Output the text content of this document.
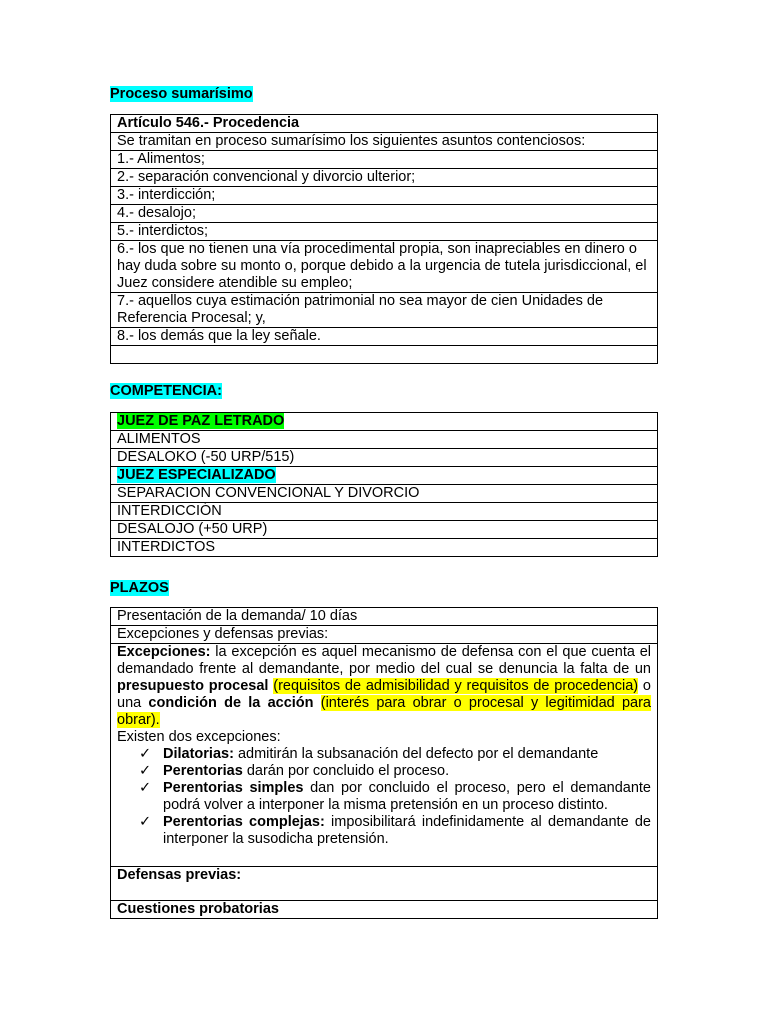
Proceso sumarísimo
Artículo 546.- Procedencia
Se tramitan en proceso sumarísimo los siguientes asuntos contenciosos:
1.- Alimentos;
2.- separación convencional y divorcio ulterior;
3.- interdicción;
4.- desalojo;
5.- interdictos;
6.- los que no tienen una vía procedimental propia, son inapreciables en dinero o hay duda sobre su monto o, porque debido a la urgencia de tutela jurisdiccional, el Juez considere atendible su empleo;
7.- aquellos cuya estimación patrimonial no sea mayor de cien Unidades de Referencia Procesal; y,
8.- los demás que la ley señale.

COMPETENCIA:
JUEZ DE PAZ LETRADO
ALIMENTOS
DESALOKO (-50 URP/515)
JUEZ ESPECIALIZADO
SEPARACION CONVENCIONAL Y DIVORCIO
INTERDICCIÓN
DESALOJO (+50 URP)
INTERDICTOS
PLAZOS
Presentación de la demanda/ 10 días
Excepciones y defensas previas:

Excepciones: la excepción es aquel mecanismo de defensa con el que cuenta el demandado frente al demandante, por medio del cual se denuncia la falta de un presupuesto procesal (requisitos de admisibilidad y requisitos de procedencia) o una condición de la acción (interés para obrar o procesal y legitimidad para obrar).
Existen dos excepciones:
✓ Dilatorias: admitirán la subsanación del defecto por el demandante
✓ Perentorias darán por concluido el proceso.
✓ Perentorias simples dan por concluido el proceso, pero el demandante podrá volver a interponer la misma pretensión en un proceso distinto.
✓ Perentorias complejas: imposibilitará indefinidamente al demandante de interponer la susodicha pretensión.

Defensas previas:
Cuestiones probatorias
